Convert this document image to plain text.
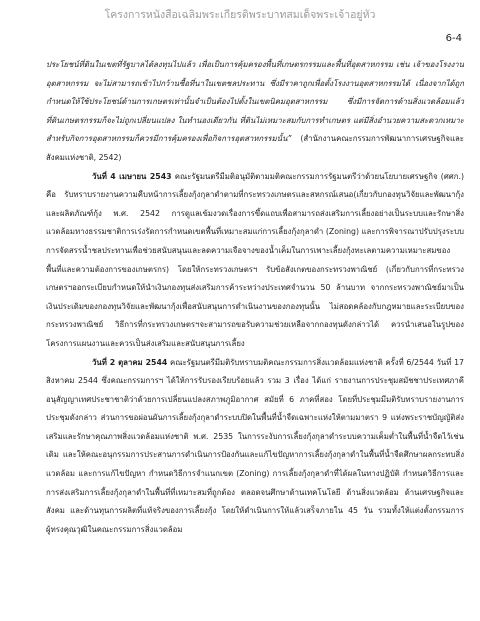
โครงการหนังสือเฉลิมพระเกียรติพระบาทสมเด็จพระเจ้าอยู่หัว
6-4

ประโยชน์ที่ดินในเขตที่รัฐบาลได้ลงทุนไปแล้ว เพื่อเป็นการคุ้มครองพื้นที่เกษตรกรรมและพื้นที่อุตสาหกรรม เช่น เจ้าของโรงงานอุตสาหกรรม จะไม่สามารถเข้าไปกว้านซื้อที่นาในเขตชลประทาน ซึ่งมีราคาถูกเพื่อตั้งโรงงานอุตสาหกรรมได้ เนื่องจากได้ถูกกำหนดให้ใช้ประโยชน์ด้านการเกษตรเท่านั้นจำเป็นต้องไปตั้งในเขตนิคมอุตสาหกรรม ซึ่งมีการจัดการด้านสิ่งแวดล้อมแล้ว ที่ดินเกษตรกรรมก็จะไม่ถูกเปลี่ยนแปลง ในทำนองเดียวกัน ที่ดินไม่เหมาะสมกับการทำเกษตร แต่มีสิ่งอำนวยความสะดวกเหมาะสำหรับกิจการอุตสาหกรรมก็ควรมีการคุ้มครองเพื่อกิจการอุตสาหกรรมนั้น” (สำนักงานคณะกรรมการพัฒนาการเศรษฐกิจและสังคมแห่งชาติ, 2542)

วันที่ 4 เมษายน 2543 คณะรัฐมนตรีมีมติอนุมัติตามมติคณะกรรมการรัฐมนตรีว่าด้วยนโยบายเศรษฐกิจ (ศศก.) คือ รับทราบรายงานความคืบหน้าการเลี้ยงกุ้งกุลาดำตามที่กระทรวงเกษตรและสหกรณ์เสนอ(เกี่ยวกับกองทุนวิจัยและพัฒนากุ้งและผลิตภัณฑ์กุ้ง พ.ศ. 2542 การดูแลเข้มงวดเรื่องการขึ้ดแถบเพื่อสามารถส่งเสริมการเลี้ยงอย่างเป็นระบบและรักษาสิ่งแวดล้อมทางธรรมชาติการเร่งรัดการกำหนดเขตพื้นที่เหมาะสมแก่การเลี้ยงกุ้งกุลาดำ (Zoning) และการพิจารณาปรับปรุงระบบการจัดสรรน้ำชลประทานเพื่อช่วยสนับสนุนและลดความเจือจางของน้ำเค็มในการเพาะเลี้ยงกุ้งทะเลตามความเหมาะสมของพื้นที่และความต้องการของเกษตรกร) โดยให้กระทรวงเกษตรฯ รับข้อสังเกตของกระทรวงพาณิชย์ (เกี่ยวกับการที่กระทรวงเกษตรฯออกระเบียบกำหนดให้นำเงินกองทุนส่งเสริมการค้าระหว่างประเทศจำนวน 50 ล้านบาท จากกระทรวงพาณิชย์มาเป็นเงินประเดิมของกองทุนวิจัยและพัฒนากุ้งเพื่อสนับสนุนการดำเนินงานของกองทุนนั้น ไม่สอดคล้องกับกฎหมายและระเบียบของกระทรวงพาณิชย์ วิธีการที่กระทรวงเกษตรฯจะสามารถขอรับความช่วยเหลือจากกองทุนดังกล่าวได้ ควรนำเสนอในรูปของโครงการแผนงานและควรเป็นส่งเสริมและสนับสนุนการเลี้ยง

วันที่ 2 ตุลาคม 2544 คณะรัฐมนตรีมีมติรับทราบมติคณะกรรมการสิ่งแวดล้อมแห่งชาติ ครั้งที่ 6/2544 วันที่ 17 สิงหาคม 2544 ซึ่งคณะกรรมการฯ ได้ให้การรับรองเรียบร้อยแล้ว รวม 3 เรื่อง ได้แก่ รายงานการประชุมสมัชชาประเทศภาคีอนุสัญญาเทศประชาชาติว่าด้วยการเปลี่ยนแปลงสภาพภูมิอากาศ สมัยที่ 6 ภาคที่สอง โดยที่ประชุมมีมติรับทราบรายงานการประชุมดังกล่าว ส่วนการขอผ่อนผันการเลี้ยงกุ้งกุลาดำระบบปิดในพื้นที่น้ำจืดเฉพาะแห่งให้ตามมาตรา 9 แห่งพระราชบัญญัติส่งเสริมและรักษาคุณภาพสิ่งแวดล้อมแห่งชาติ พ.ศ. 2535 ในการระงับการเลี้ยงกุ้งกุลาดำระบบความเค็มต่ำในพื้นที่น้ำจืดไว้เช่นเดิม และให้คณะอนุกรรมการประสานการดำเนินการป้องกันและแก้ไขปัญหาการเลี้ยงกุ้งกุลาดำในพื้นที่น้ำจืดศึกษาผลกระทบสิ่งแวดล้อม และการแก้ไขปัญหา กำหนดวิธีการจำแนกเขต (Zoning) การเลี้ยงกุ้งกุลาดำที่ได้ผลในทางปฏิบัติ กำหนดวิธีการและการส่งเสริมการเลี้ยงกุ้งกุลาดำในพื้นที่ที่เหมาะสมที่ถูกต้อง ตลอดจนศึกษาด้านเทคโนโลยี ด้านสิ่งแวดล้อม ด้านเศรษฐกิจและสังคม และด้านทุนการผลิตที่แท้จริงของการเลี้ยงกุ้ง โดยให้ดำเนินการให้แล้วเสร็จภายใน 45 วัน รวมทั้งให้แต่งตั้งกรรมการผู้ทรงคุณวุฒิในคณะกรรมการสิ่งแวดล้อม
